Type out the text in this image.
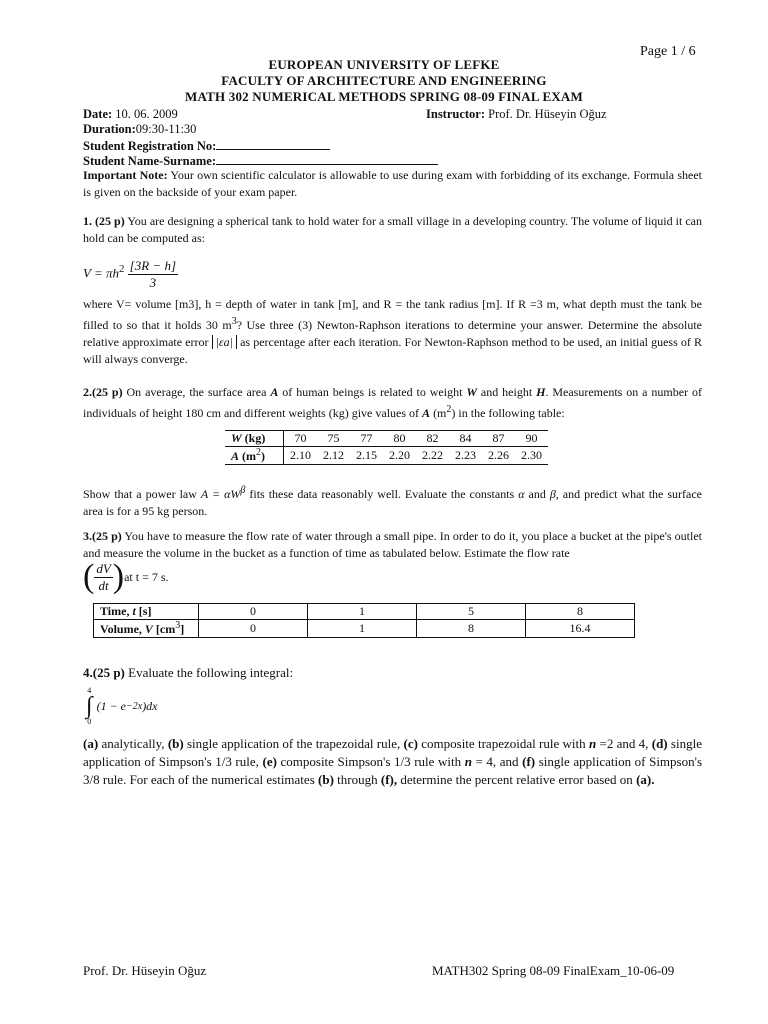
Page 1 / 6
EUROPEAN UNIVERSITY OF LEFKE
FACULTY OF ARCHITECTURE AND ENGINEERING
MATH 302 NUMERICAL METHODS SPRING 08-09 FINAL EXAM
Date: 10. 06. 2009	Instructor: Prof. Dr. Hüseyin Oğuz
Duration:09:30-11:30
Student Registration No:
Student Name-Surname:
Important Note: Your own scientific calculator is allowable to use during exam with forbidding of its exchange. Formula sheet is given on the backside of your exam paper.
1. (25 p) You are designing a spherical tank to hold water for a small village in a developing country. The volume of liquid it can hold can be computed as:
$V = \pi h^2 \frac{[3R - h]}{3}$
where V= volume [m3], h = depth of water in tank [m], and R = the tank radius [m]. If R =3 m, what depth must the tank be filled to so that it holds 30 $m^3$? Use three (3) Newton-Raphson iterations to determine your answer. Determine the absolute relative approximate error |εa| as percentage after each iteration. For Newton-Raphson method to be used, an initial guess of R will always converge.
2.(25 p) On average, the surface area A of human beings is related to weight W and height H. Measurements on a number of individuals of height 180 cm and different weights (kg) give values of A $(m^2)$ in the following table:
W (kg)	70	75	77	80	82	84	87	90
A $(m^2)$	2.10	2.12	2.15	2.20	2.22	2.23	2.26	2.30
Show that a power law $A = \alpha W^\beta$ fits these data reasonably well. Evaluate the constants α and β, and predict what the surface area is for a 95 kg person.
3.(25 p) You have to measure the flow rate of water through a small pipe. In order to do it, you place a bucket at the pipe's outlet and measure the volume in the bucket as a function of time as tabulated below. Estimate the flow rate
( $\frac{dV}{dt}$ ) at t = 7 s.
Time, t [s]	0	1	5	8
Volume, V $[cm^3]$	0	1	8	16.4
4.(25 p) Evaluate the following integral:
4
∫
0
(1 − e −2x )dx
(a) analytically, (b) single application of the trapezoidal rule, (c) composite trapezoidal rule with n =2 and 4, (d) single application of Simpson's 1/3 rule, (e) composite Simpson's 1/3 rule with n = 4, and (f) single application of Simpson's 3/8 rule. For each of the numerical estimates (b) through (f), determine the percent relative error based on (a).
Prof. Dr. Hüseyin Oğuz	MATH302 Spring 08-09 FinalExam_10-06-09
